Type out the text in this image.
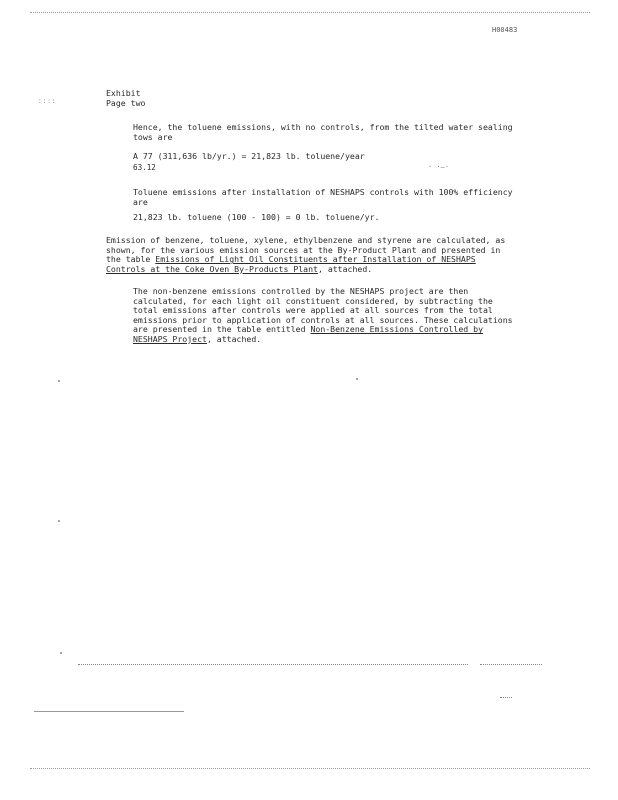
H00483
::::
Exhibit
Page two
Hence, the toluene emissions, with no controls, from the tilted water sealing tows are
A 77 (311,636 lb/yr.) = 21,823 lb. toluene/year
63.12
Toluene emissions after installation of NESHAPS controls with 100% efficiency are
21,823 lb. toluene (100 - 100) = 0 lb. toluene/yr.
Emission of benzene, toluene, xylene, ethylbenzene and styrene are calculated, as shown, for the various emission sources at the By-Product Plant and presented in the table Emissions of Light Oil Constituents after Installation of NESHAPS Controls at the Coke Oven By-Products Plant, attached.
The non-benzene emissions controlled by the NESHAPS project are then calculated, for each light oil constituent considered, by subtracting the total emissions after controls were applied at all sources from the total emissions prior to application of controls at all sources. These calculations are presented in the table entitled Non-Benzene Emissions Controlled by NESHAPS Project, attached.
· ·—·
